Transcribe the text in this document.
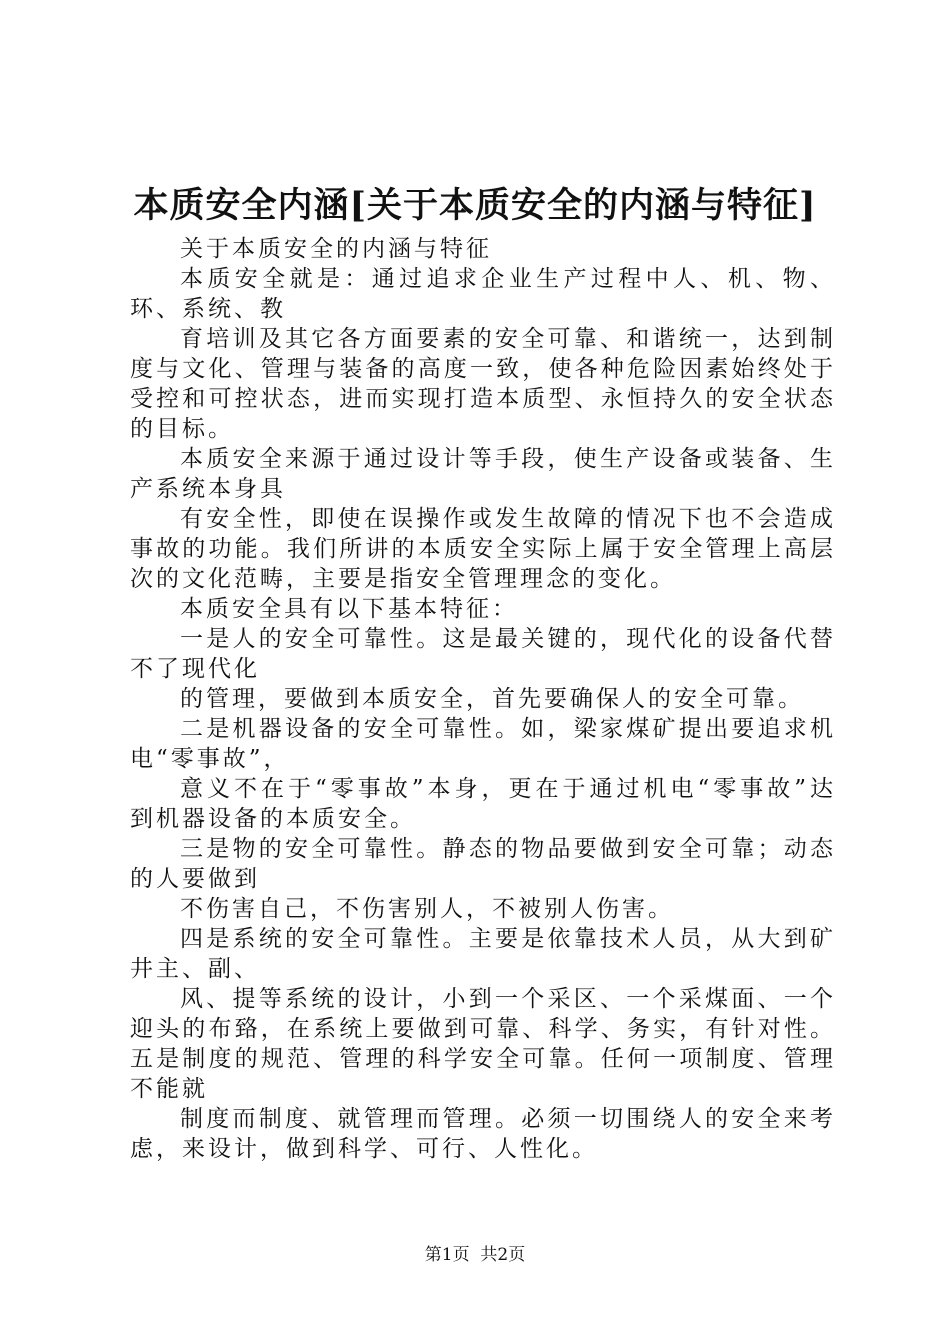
本质安全内涵[关于本质安全的内涵与特征]

关于本质安全的内涵与特征

本质安全就是：通过追求企业生产过程中人、机、物、环、系统、教

育培训及其它各方面要素的安全可靠、和谐统一，达到制度与文化、管理与装备的高度一致，使各种危险因素始终处于受控和可控状态，进而实现打造本质型、永恒持久的安全状态的目标。

本质安全来源于通过设计等手段，使生产设备或装备、生产系统本身具

有安全性，即使在误操作或发生故障的情况下也不会造成事故的功能。我们所讲的本质安全实际上属于安全管理上高层次的文化范畴，主要是指安全管理理念的变化。

本质安全具有以下基本特征：

一是人的安全可靠性。这是最关键的，现代化的设备代替不了现代化

的管理，要做到本质安全，首先要确保人的安全可靠。

二是机器设备的安全可靠性。如，梁家煤矿提出要追求机电“零事故”，

意义不在于“零事故”本身，更在于通过机电“零事故”达到机器设备的本质安全。

三是物的安全可靠性。静态的物品要做到安全可靠；动态的人要做到

不伤害自己，不伤害别人，不被别人伤害。

四是系统的安全可靠性。主要是依靠技术人员，从大到矿井主、副、

风、提等系统的设计，小到一个采区、一个采煤面、一个迎头的布臵，在系统上要做到可靠、科学、务实，有针对性。五是制度的规范、管理的科学安全可靠。任何一项制度、管理不能就

制度而制度、就管理而管理。必须一切围绕人的安全来考虑，来设计，做到科学、可行、人性化。

第1页  共2页
